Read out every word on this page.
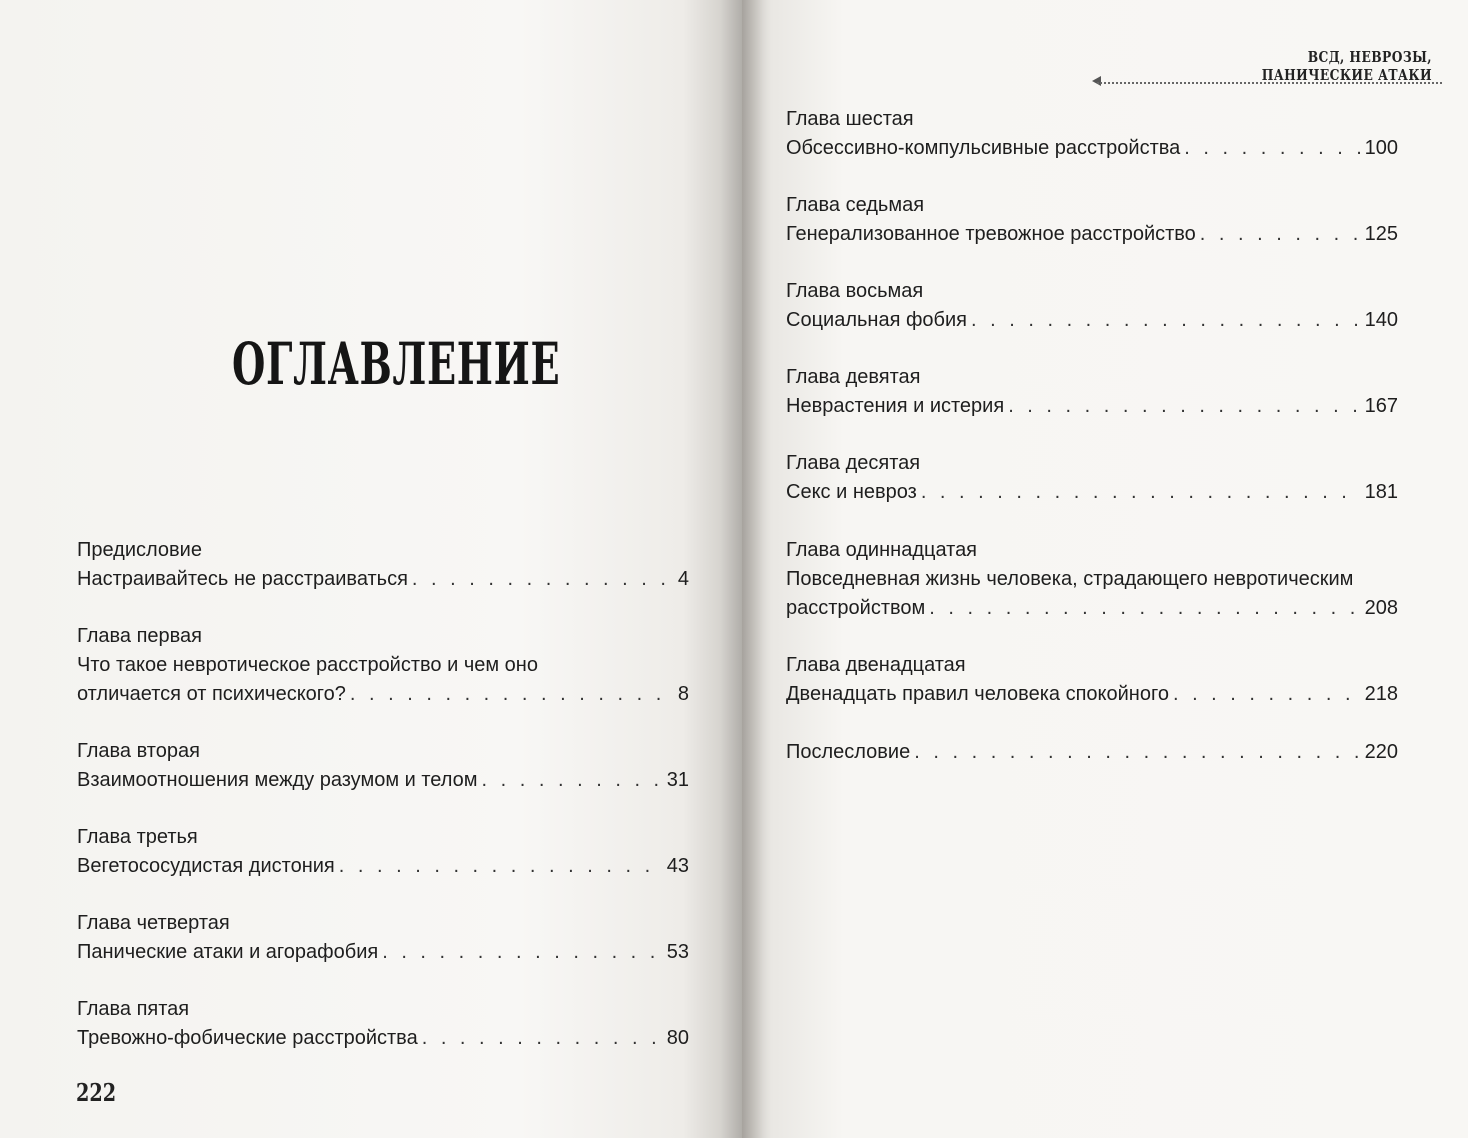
ОГЛАВЛЕНИЕ
Предисловие
Настраивайтесь не расстраиваться . . .	4
Глава первая
Что такое невротическое расстройство и чем оно
отличается от психического? . . .	8
Глава вторая
Взаимоотношения между разумом и телом . . .	31
Глава третья
Вегетососудистая дистония . . .	43
Глава четвертая
Панические атаки и агорафобия . . .	53
Глава пятая
Тревожно-фобические расстройства . . .	80
222
ВСД, НЕВРОЗЫ, ПАНИЧЕСКИЕ АТАКИ
Глава шестая
Обсессивно-компульсивные расстройства . . .	100
Глава седьмая
Генерализованное тревожное расстройство . . .	125
Глава восьмая
Социальная фобия . . .	140
Глава девятая
Неврастения и истерия . . .	167
Глава десятая
Секс и невроз . . .	181
Глава одиннадцатая
Повседневная жизнь человека, страдающего невротическим
расстройством . . .	208
Глава двенадцатая
Двенадцать правил человека спокойного . . .	218
Послесловие . . .	220
